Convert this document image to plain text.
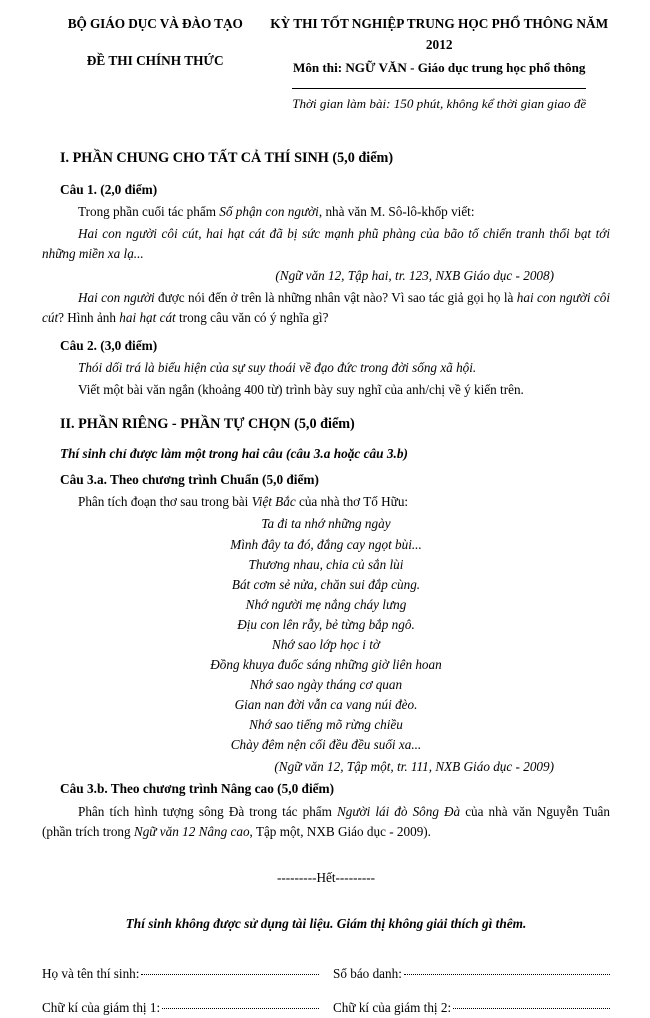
BỘ GIÁO DỤC VÀ ĐÀO TẠO
ĐỀ THI CHÍNH THỨC
KỲ THI TỐT NGHIỆP TRUNG HỌC PHỔ THÔNG NĂM 2012
Môn thi: NGỮ VĂN - Giáo dục trung học phổ thông
Thời gian làm bài: 150 phút, không kể thời gian giao đề
I. PHẦN CHUNG CHO TẤT CẢ THÍ SINH (5,0 điểm)
Câu 1. (2,0 điểm)

Trong phần cuối tác phẩm Số phận con người, nhà văn M. Sô-lô-khốp viết:

Hai con người côi cút, hai hạt cát đã bị sức mạnh phũ phàng của bão tố chiến tranh thổi bạt tới những miền xa lạ...

(Ngữ văn 12, Tập hai, tr. 123, NXB Giáo dục - 2008)

Hai con người được nói đến ở trên là những nhân vật nào? Vì sao tác giả gọi họ là hai con người côi cút? Hình ảnh hai hạt cát trong câu văn có ý nghĩa gì?

Câu 2. (3,0 điểm)

Thói dối trá là biểu hiện của sự suy thoái về đạo đức trong đời sống xã hội.

Viết một bài văn ngắn (khoảng 400 từ) trình bày suy nghĩ của anh/chị về ý kiến trên.

II. PHẦN RIÊNG - PHẦN TỰ CHỌN (5,0 điểm)
Thí sinh chỉ được làm một trong hai câu (câu 3.a hoặc câu 3.b)
Câu 3.a. Theo chương trình Chuẩn (5,0 điểm)

Phân tích đoạn thơ sau trong bài Việt Bắc của nhà thơ Tố Hữu:

Ta đi ta nhớ những ngày
Mình đây ta đó, đắng cay ngọt bùi...
Thương nhau, chia củ sắn lùi
Bát cơm sẻ nửa, chăn sui đắp cùng.
Nhớ người mẹ nắng cháy lưng
Địu con lên rẫy, bẻ từng bắp ngô.
Nhớ sao lớp học i tờ
Đồng khuya đuốc sáng những giờ liên hoan
Nhớ sao ngày tháng cơ quan
Gian nan đời vẫn ca vang núi đèo.
Nhớ sao tiếng mõ rừng chiều
Chày đêm nện cối đều đều suối xa...
(Ngữ văn 12, Tập một, tr. 111, NXB Giáo dục - 2009)
Câu 3.b. Theo chương trình Nâng cao (5,0 điểm)

Phân tích hình tượng sông Đà trong tác phẩm Người lái đò Sông Đà của nhà văn Nguyễn Tuân (phần trích trong Ngữ văn 12 Nâng cao, Tập một, NXB Giáo dục - 2009).

---------Hết---------
Thí sinh không được sử dụng tài liệu. Giám thị không giải thích gì thêm.
Họ và tên thí sinh:	Số báo danh:
Chữ kí của giám thị 1:	Chữ kí của giám thị 2:
